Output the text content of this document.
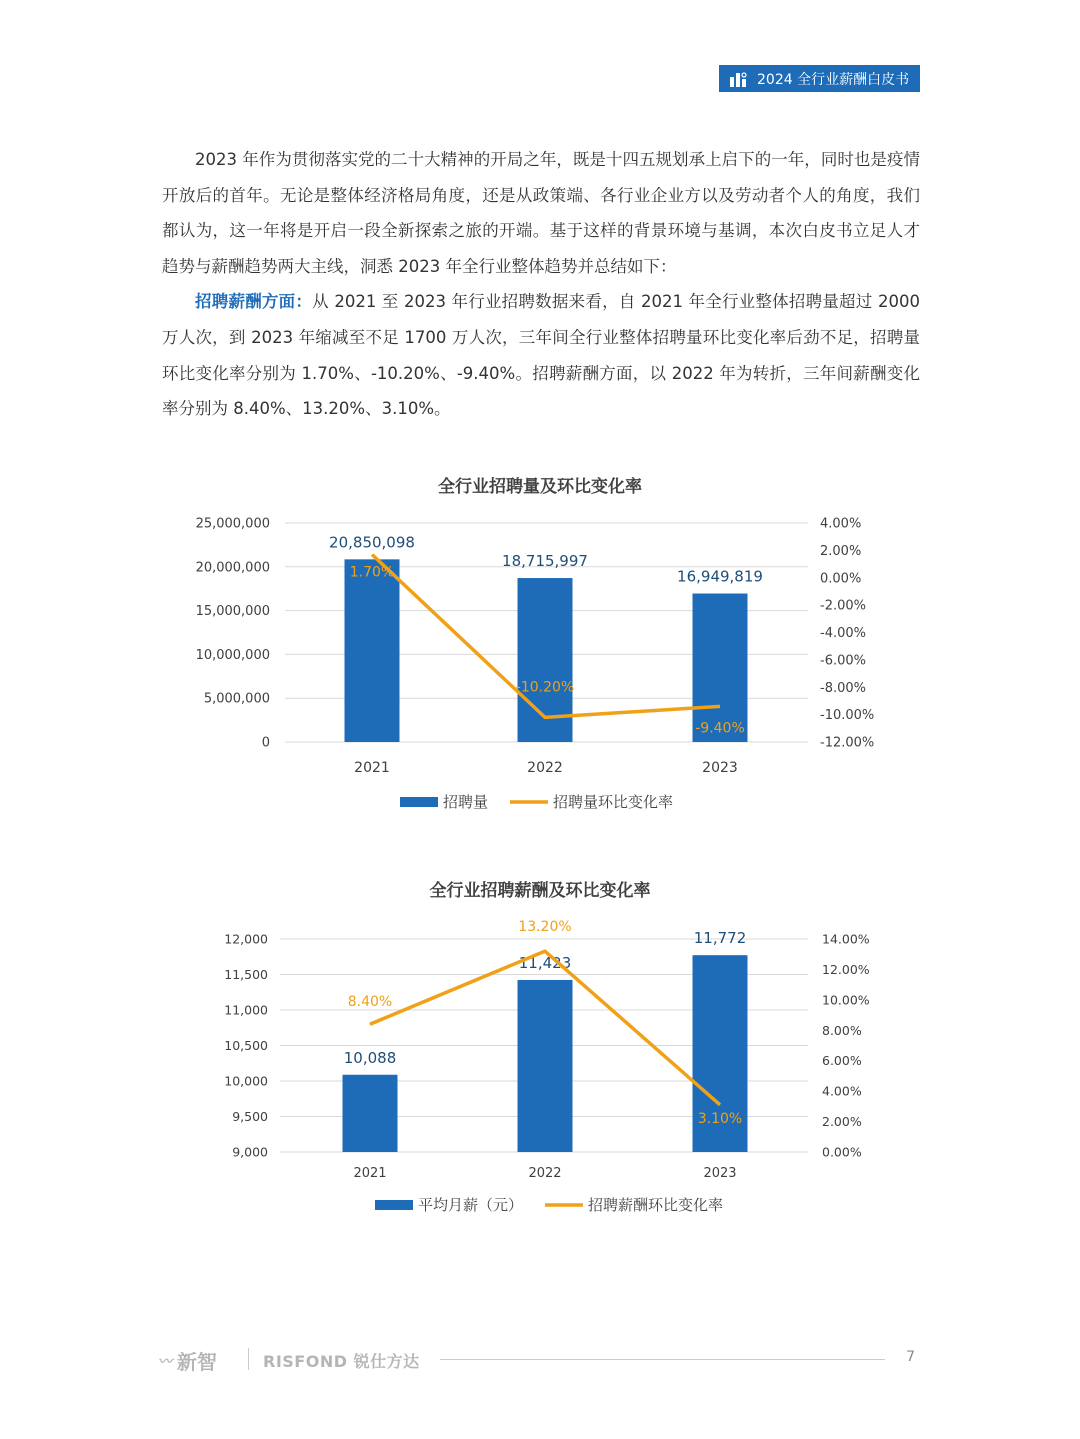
2024 全行业薪酬白皮书

2023 年作为贯彻落实党的二十大精神的开局之年，既是十四五规划承上启下的一年，同时也是疫情开放后的首年。无论是整体经济格局角度，还是从政策端、各行业企业方以及劳动者个人的角度，我们都认为，这一年将是开启一段全新探索之旅的开端。基于这样的背景环境与基调，本次白皮书立足人才趋势与薪酬趋势两大主线，洞悉 2023 年全行业整体趋势并总结如下：

招聘薪酬方面：从 2021 至 2023 年行业招聘数据来看，自 2021 年全行业整体招聘量超过 2000 万人次，到 2023 年缩减至不足 1700 万人次，三年间全行业整体招聘量环比变化率后劲不足，招聘量环比变化率分别为 1.70%、-10.20%、-9.40%。招聘薪酬方面，以 2022 年为转折，三年间薪酬变化率分别为 8.40%、13.20%、3.10%。

全行业招聘量及环比变化率
0
5,000,000
10,000,000
15,000,000
20,000,000
25,000,000	4.00%
2.00%
0.00%
-2.00%
-4.00%
-6.00%
-8.00%
-10.00%
-12.00%
20,850,098
18,715,997
16,949,819
1.70%
-10.20%
-9.40%
2021	2022	2023
招聘量	招聘量环比变化率
全行业招聘薪酬及环比变化率
9,000
9,500
10,000
10,500
11,000
11,500
12,000	14.00%
12.00%
10.00%
8.00%
6.00%
4.00%
2.00%
0.00%
10,088
11,423
11,772
8.40%
13.20%
3.10%
2021	2022	2023
平均月薪（元）	招聘薪酬环比变化率
〰 新智	RISFOND 锐仕方达	7
